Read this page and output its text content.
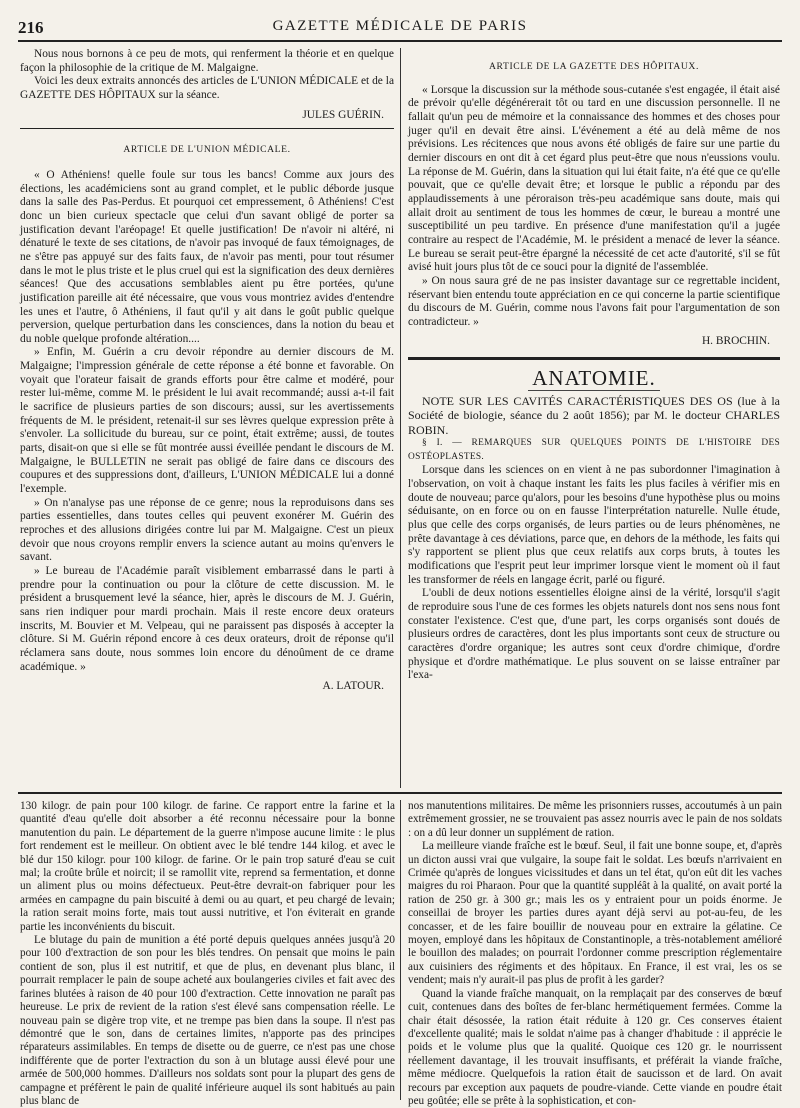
216	GAZETTE MÉDICALE DE PARIS

Nous nous bornons à ce peu de mots, qui renferment la théorie et en quelque façon la philosophie de la critique de M. Malgaigne.

Voici les deux extraits annoncés des articles de L'UNION MÉDICALE et de la GAZETTE DES HÔPITAUX sur la séance.

JULES GUÉRIN.
ARTICLE DE L'UNION MÉDICALE.

« O Athéniens! quelle foule sur tous les bancs! Comme aux jours des élections, les académiciens sont au grand complet, et le public déborde jusque dans la salle des Pas-Perdus. Et pourquoi cet empressement, ô Athéniens! C'est donc un bien curieux spectacle que celui d'un savant obligé de porter sa justification devant l'aréopage! Et quelle justification! De n'avoir ni altéré, ni dénaturé le texte de ses citations, de n'avoir pas invoqué de faux témoignages, de ne s'être pas appuyé sur des faits faux, de n'avoir pas menti, pour tout résumer dans le mot le plus triste et le plus cruel qui est la signification des deux dernières séances! Que des accusations semblables aient pu être portées, qu'une justification pareille ait été nécessaire, que vous vous montriez avides d'entendre les unes et l'autre, ô Athéniens, il faut qu'il y ait dans le goût public quelque perversion, quelque perturbation dans les consciences, dans la notion du beau et du noble quelque profonde altération....

» Enfin, M. Guérin a cru devoir répondre au dernier discours de M. Malgaigne; l'impression générale de cette réponse a été bonne et favorable. On voyait que l'orateur faisait de grands efforts pour être calme et modéré, pour rester lui-même, comme M. le président le lui avait recommandé; aussi a-t-il fait le sacrifice de plusieurs parties de son discours; aussi, sur les avertissements fréquents de M. le président, retenait-il sur ses lèvres quelque expression prête à s'envoler. La sollicitude du bureau, sur ce point, était extrême; aussi, de toutes parts, disait-on que si elle se fût montrée aussi éveillée pendant le discours de M. Malgaigne, le BULLETIN ne serait pas obligé de faire dans ce discours des coupures et des suppressions dont, d'ailleurs, L'UNION MÉDICALE lui a donné l'exemple.

» On n'analyse pas une réponse de ce genre; nous la reproduisons dans ses parties essentielles, dans toutes celles qui peuvent exonérer M. Guérin des reproches et des allusions dirigées contre lui par M. Malgaigne. C'est un pieux devoir que nous croyons remplir envers la science autant au moins qu'envers le savant.

» Le bureau de l'Académie paraît visiblement embarrassé dans le parti à prendre pour la continuation ou pour la clôture de cette discussion. M. le président a brusquement levé la séance, hier, après le discours de M. J. Guérin, sans rien indiquer pour mardi prochain. Mais il reste encore deux orateurs inscrits, M. Bouvier et M. Velpeau, qui ne paraissent pas disposés à accepter la clôture. Si M. Guérin répond encore à ces deux orateurs, droit de réponse qu'il réclamera sans doute, nous sommes loin encore du dénoûment de ce drame académique. »

A. LATOUR.
ARTICLE DE LA GAZETTE DES HÔPITAUX.

« Lorsque la discussion sur la méthode sous-cutanée s'est engagée, il était aisé de prévoir qu'elle dégénérerait tôt ou tard en une discussion personnelle. Il ne fallait qu'un peu de mémoire et la connaissance des hommes et des choses pour juger qu'il en devait être ainsi. L'événement a été au delà même de nos prévisions. Les récitences que nous avons été obligés de faire sur une partie du dernier discours en ont dit à cet égard plus peut-être que nous n'eussions voulu. La réponse de M. Guérin, dans la situation qui lui était faite, n'a été que ce qu'elle pouvait, que ce qu'elle devait être; et lorsque le public a répondu par des applaudissements à une péroraison très-peu académique sans doute, mais qui allait droit au sentiment de tous les hommes de cœur, le bureau a montré une susceptibilité un peu tardive. En présence d'une manifestation qu'il a jugée contraire au respect de l'Académie, M. le président a menacé de lever la séance. Le bureau se serait peut-être épargné la nécessité de cet acte d'autorité, s'il se fût avisé huit jours plus tôt de ce souci pour la dignité de l'assemblée.

» On nous saura gré de ne pas insister davantage sur ce regrettable incident, réservant bien entendu toute appréciation en ce qui concerne la partie scientifique du discours de M. Guérin, comme nous l'avons fait pour l'argumentation de son contradicteur. »

H. BROCHIN.
ANATOMIE.

NOTE SUR LES CAVITÉS CARACTÉRISTIQUES DES OS (lue à la Société de biologie, séance du 2 août 1856); par M. le docteur CHARLES ROBIN.

§ I. — REMARQUES SUR QUELQUES POINTS DE L'HISTOIRE DES OSTÉOPLASTES.

Lorsque dans les sciences on en vient à ne pas subordonner l'imagination à l'observation, on voit à chaque instant les faits les plus faciles à vérifier mis en doute de nouveau; parce qu'alors, pour les besoins d'une hypothèse plus ou moins séduisante, on en force ou on en fausse l'interprétation naturelle. Nulle étude, plus que celle des corps organisés, de leurs parties ou de leurs phénomènes, ne prête davantage à ces déviations, parce que, en dehors de la méthode, les faits qui s'y rapportent se plient plus que ceux relatifs aux corps bruts, à toutes les modifications que l'esprit peut leur imprimer lorsque vient le moment où il faut les transformer de réels en langage écrit, parlé ou figuré.

L'oubli de deux notions essentielles éloigne ainsi de la vérité, lorsqu'il s'agit de reproduire sous l'une de ces formes les objets naturels dont nos sens nous font constater l'existence. C'est que, d'une part, les corps organisés sont doués de plusieurs ordres de caractères, dont les plus importants sont ceux de structure ou caractères d'ordre organique; les autres sont ceux d'ordre chimique, d'ordre physique et d'ordre mathématique. Le plus souvent on se laisse entraîner par l'exa-

130 kilogr. de pain pour 100 kilogr. de farine. Ce rapport entre la farine et la quantité d'eau qu'elle doit absorber a été reconnu nécessaire pour la bonne manutention du pain. Le département de la guerre n'impose aucune limite : le plus fort rendement est le meilleur. On obtient avec le blé tendre 144 kilog. et avec le blé dur 150 kilogr. pour 100 kilogr. de farine. Or le pain trop saturé d'eau se cuit mal; la croûte brûle et noircit; il se ramollit vite, reprend sa fermentation, et donne un aliment plus ou moins défectueux. Peut-être devrait-on fabriquer pour les armées en campagne du pain biscuité à demi ou au quart, et peu chargé de levain; la ration serait moins forte, mais tout aussi nutritive, et l'on éviterait en grande partie les inconvénients du biscuit.

Le blutage du pain de munition a été porté depuis quelques années jusqu'à 20 pour 100 d'extraction de son pour les blés tendres. On pensait que moins le pain contient de son, plus il est nutritif, et que de plus, en devenant plus blanc, il pourrait remplacer le pain de soupe acheté aux boulangeries civiles et fait avec des farines blutées à raison de 40 pour 100 d'extraction. Cette innovation ne paraît pas heureuse. Le prix de revient de la ration s'est élevé sans compensation réelle. Le nouveau pain se digère trop vite, et ne trempe pas bien dans la soupe. Il n'est pas démontré que le son, dans de certaines limites, n'apporte pas des principes réparateurs assimilables. En temps de disette ou de guerre, ce n'est pas une chose indifférente que de porter l'extraction du son à un blutage aussi élevé pour une armée de 500,000 hommes. D'ailleurs nos soldats sont pour la plupart des gens de campagne et préfèrent le pain de qualité inférieure auquel ils sont habitués au pain plus blanc de

nos manutentions militaires. De même les prisonniers russes, accoutumés à un pain extrêmement grossier, ne se trouvaient pas assez nourris avec le pain de nos soldats : on a dû leur donner un supplément de ration.

La meilleure viande fraîche est le bœuf. Seul, il fait une bonne soupe, et, d'après un dicton aussi vrai que vulgaire, la soupe fait le soldat. Les bœufs n'arrivaient en Crimée qu'après de longues vicissitudes et dans un tel état, qu'on eût dit les vaches maigres du roi Pharaon. Pour que la quantité suppléât à la qualité, on avait porté la ration de 250 gr. à 300 gr.; mais les os y entraient pour un poids énorme. Je conseillai de broyer les parties dures ayant déjà servi au pot-au-feu, de les concasser, et de les faire bouillir de nouveau pour en extraire la gélatine. Ce moyen, employé dans les hôpitaux de Constantinople, a très-notablement amélioré le bouillon des malades; on pourrait l'ordonner comme prescription réglementaire aux cuisiniers des régiments et des hôpitaux. En France, il est vrai, les os se vendent; mais n'y aurait-il pas plus de profit à les garder?

Quand la viande fraîche manquait, on la remplaçait par des conserves de bœuf cuit, contenues dans des boîtes de fer-blanc hermétiquement fermées. Comme la chair était désossée, la ration était réduite à 120 gr. Ces conserves étaient d'excellente qualité; mais le soldat n'aime pas à changer d'habitude : il apprécie le poids et le volume plus que la qualité. Quoique ces 120 gr. le nourrissent réellement davantage, il les trouvait insuffisants, et préférait la viande fraîche, même médiocre. Quelquefois la ration était de saucisson et de lard. On avait recours par exception aux paquets de poudre-viande. Cette viande en poudre était peu goûtée; elle se prête à la sophistication, et con-
